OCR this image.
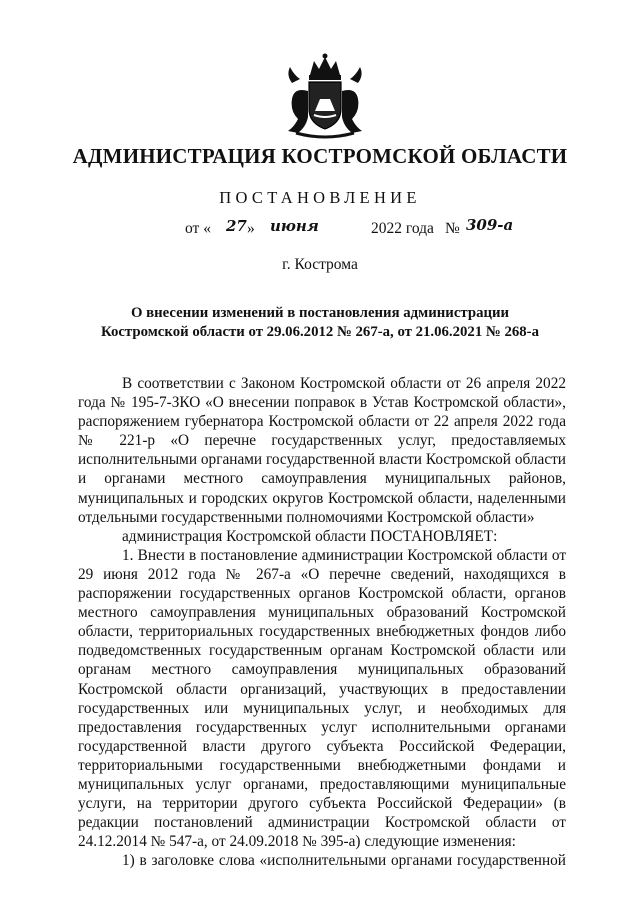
АДМИНИСТРАЦИЯ КОСТРОМСКОЙ ОБЛАСТИ
ПОСТАНОВЛЕНИЕ
от « 27 » июня	2022 года № 309-а
г. Кострома
О внесении изменений в постановления администрации
Костромской области от 29.06.2012 № 267-а, от 21.06.2021 № 268-а

В соответствии с Законом Костромской области от 26 апреля 2022 года № 195-7-ЗКО «О внесении поправок в Устав Костромской области», распоряжением губернатора Костромской области от 22 апреля 2022 года № 221-р «О перечне государственных услуг, предоставляемых исполнительными органами государственной власти Костромской области и органами местного самоуправления муниципальных районов, муниципальных и городских округов Костромской области, наделенными отдельными государственными полномочиями Костромской области»

администрация Костромской области ПОСТАНОВЛЯЕТ:

1. Внести в постановление администрации Костромской области от 29 июня 2012 года № 267-а «О перечне сведений, находящихся в распоряжении государственных органов Костромской области, органов местного самоуправления муниципальных образований Костромской области, территориальных государственных внебюджетных фондов либо подведомственных государственным органам Костромской области или органам местного самоуправления муниципальных образований Костромской области организаций, участвующих в предоставлении государственных или муниципальных услуг, и необходимых для предоставления государственных услуг исполнительными органами государственной власти другого субъекта Российской Федерации, территориальными государственными внебюджетными фондами и муниципальных услуг органами, предоставляющими муниципальные услуги, на территории другого субъекта Российской Федерации» (в редакции постановлений администрации Костромской области от 24.12.2014 № 547-а, от 24.09.2018 № 395-а) следующие изменения:

1) в заголовке слова «исполнительными органами государственной
